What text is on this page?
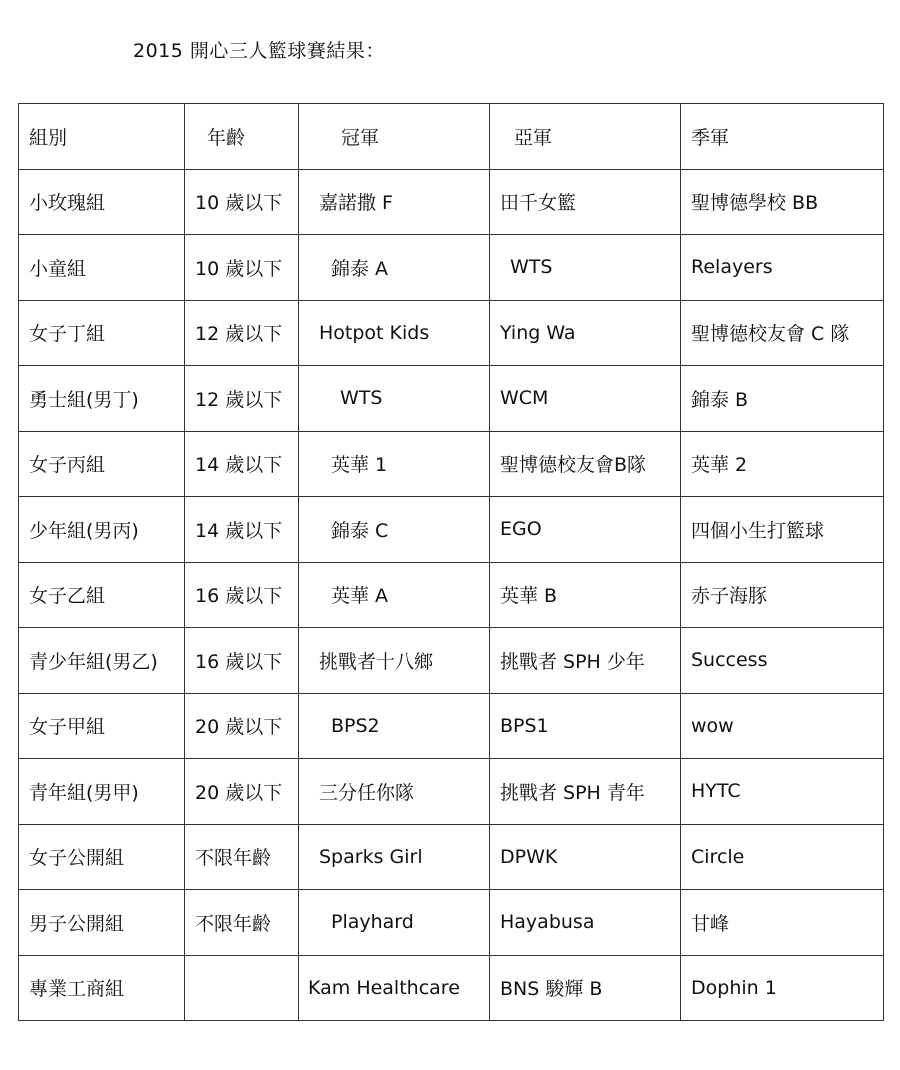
2015 開心三人籃球賽結果：
組別	年齡	冠軍	亞軍	季軍
小玫瑰組	10 歲以下	嘉諾撒 F	田千女籃	聖博德學校 BB
小童組	10 歲以下	錦泰 A	WTS	Relayers
女子丁組	12 歲以下	Hotpot Kids	Ying Wa	聖博德校友會 C 隊
勇士組(男丁)	12 歲以下	WTS	WCM	錦泰 B
女子丙組	14 歲以下	英華 1	聖博德校友會B隊	英華 2
少年組(男丙)	14 歲以下	錦泰 C	EGO	四個小生打籃球
女子乙組	16 歲以下	英華 A	英華 B	赤子海豚
青少年組(男乙)	16 歲以下	挑戰者十八鄉	挑戰者 SPH 少年	Success
女子甲組	20 歲以下	BPS2	BPS1	wow
青年組(男甲)	20 歲以下	三分任你隊	挑戰者 SPH 青年	HYTC
女子公開組	不限年齡	Sparks Girl	DPWK	Circle
男子公開組	不限年齡	Playhard	Hayabusa	甘峰
專業工商組		Kam Healthcare	BNS 駿輝 B	Dophin 1
